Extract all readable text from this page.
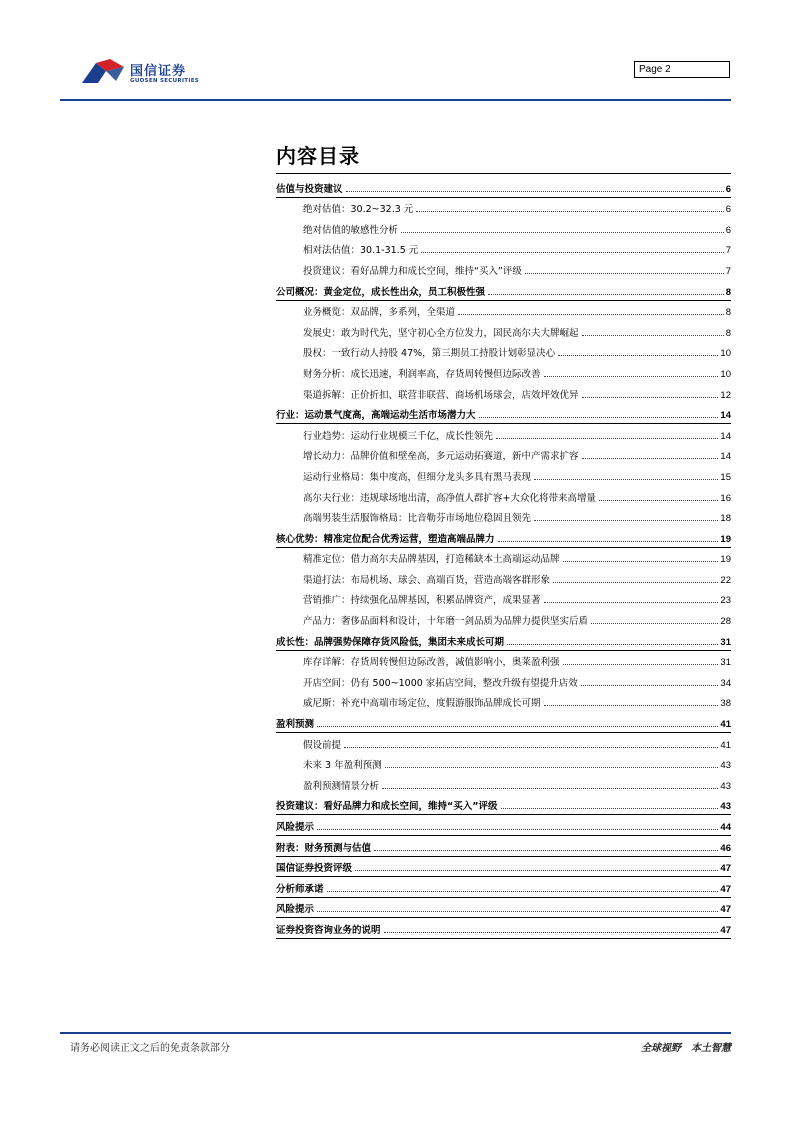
国信证券
GUOSEN SECURITIES
Page 2
内容目录
估值与投资建议	6
绝对估值：30.2~32.3 元	6
绝对估值的敏感性分析	6
相对法估值：30.1-31.5 元	7
投资建议：看好品牌力和成长空间，维持“买入”评级	7
公司概况：黄金定位，成长性出众，员工积极性强	8
业务概览：双品牌，多系列，全渠道	8
发展史：敢为时代先，坚守初心全方位发力，国民高尔夫大牌崛起	8
股权：一致行动人持股 47%，第三期员工持股计划彰显决心	10
财务分析：成长迅速，利润率高，存货周转慢但边际改善	10
渠道拆解：正价折扣、联营非联营、商场机场球会，店效坪效优异	12
行业：运动景气度高，高端运动生活市场潜力大	14
行业趋势：运动行业规模三千亿，成长性领先	14
增长动力：品牌价值和壁垒高，多元运动拓赛道，新中产需求扩容	14
运动行业格局：集中度高，但细分龙头多具有黑马表现	15
高尔夫行业：违规球场地出清，高净值人群扩容+大众化将带来高增量	16
高端男装生活服饰格局：比音勒芬市场地位稳固且领先	18
核心优势：精准定位配合优秀运营，塑造高端品牌力	19
精准定位：借力高尔夫品牌基因，打造稀缺本土高端运动品牌	19
渠道打法：布局机场、球会、高端百货，营造高端客群形象	22
营销推广：持续强化品牌基因，积累品牌资产，成果显著	23
产品力：奢侈品面料和设计，十年磨一剑品质为品牌力提供坚实后盾	28
成长性：品牌强势保障存货风险低，集团未来成长可期	31
库存详解：存货周转慢但边际改善，减值影响小，奥莱盈利强	31
开店空间：仍有 500~1000 家拓店空间，整改升级有望提升店效	34
威尼斯：补充中高端市场定位，度假游服饰品牌成长可期	38
盈利预测	41
假设前提	41
未来 3 年盈利预测	43
盈利预测情景分析	43
投资建议：看好品牌力和成长空间，维持“买入”评级	43
风险提示	44
附表：财务预测与估值	46
国信证券投资评级	47
分析师承诺	47
风险提示	47
证券投资咨询业务的说明	47
请务必阅读正文之后的免责条款部分	全球视野 本土智慧
